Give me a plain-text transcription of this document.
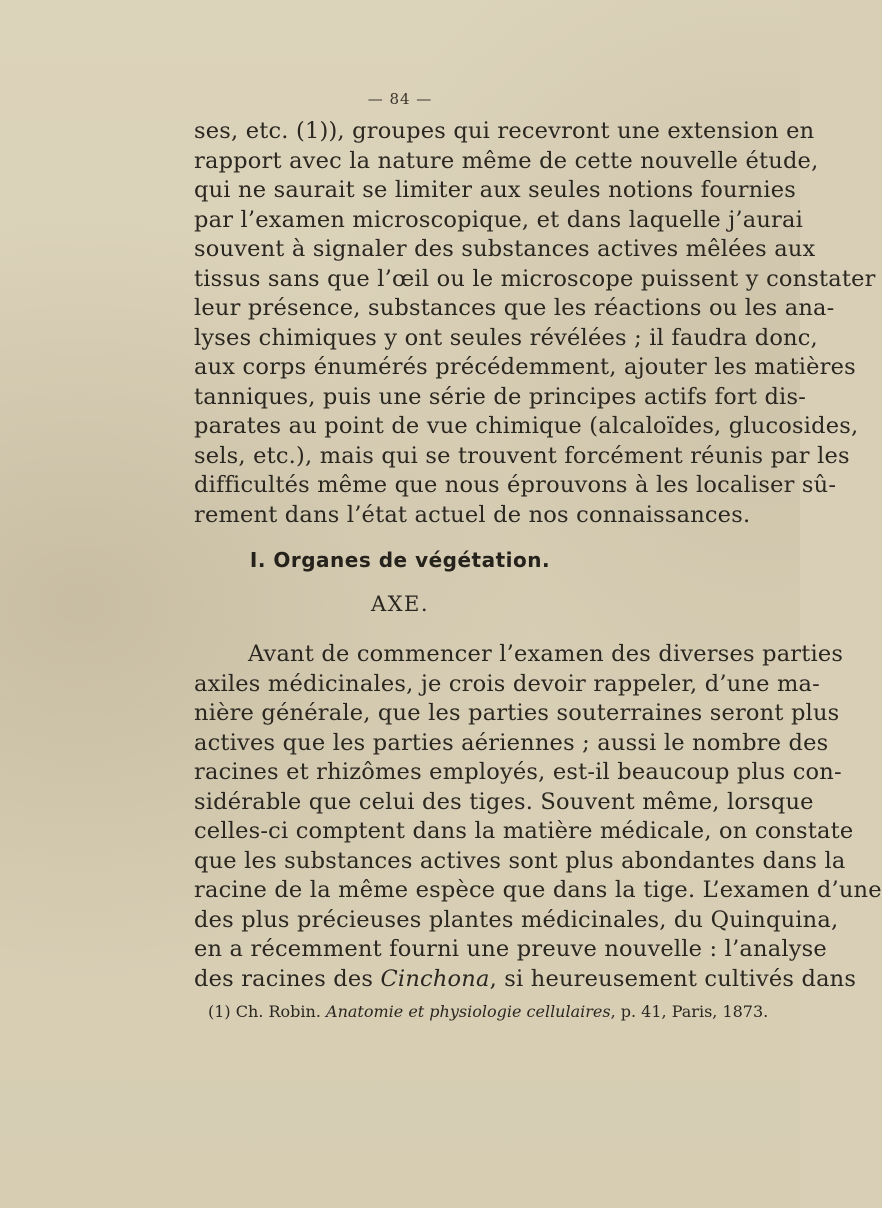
— 84 —
ses, etc. (1)), groupes qui recevront une extension en
rapport avec la nature même de cette nouvelle étude,
qui ne saurait se limiter aux seules notions fournies
par l’examen microscopique, et dans laquelle j’aurai
souvent à signaler des substances actives mêlées aux
tissus sans que l’œil ou le microscope puissent y constater
leur présence, substances que les réactions ou les ana-
lyses chimiques y ont seules révélées ; il faudra donc,
aux corps énumérés précédemment, ajouter les matières
tanniques, puis une série de principes actifs fort dis-
parates au point de vue chimique (alcaloïdes, glucosides,
sels, etc.), mais qui se trouvent forcément réunis par les
difficultés même que nous éprouvons à les localiser sû-
rement dans l’état actuel de nos connaissances.
I. Organes de végétation.
AXE.
Avant de commencer l’examen des diverses parties
axiles médicinales, je crois devoir rappeler, d’une ma-
nière générale, que les parties souterraines seront plus
actives que les parties aériennes ; aussi le nombre des
racines et rhizômes employés, est-il beaucoup plus con-
sidérable que celui des tiges. Souvent même, lorsque
celles-ci comptent dans la matière médicale, on constate
que les substances actives sont plus abondantes dans la
racine de la même espèce que dans la tige. L’examen d’une
des plus précieuses plantes médicinales, du Quinquina,
en a récemment fourni une preuve nouvelle : l’analyse
des racines des Cinchona, si heureusement cultivés dans
(1) Ch. Robin. Anatomie et physiologie cellulaires, p. 41, Paris, 1873.
